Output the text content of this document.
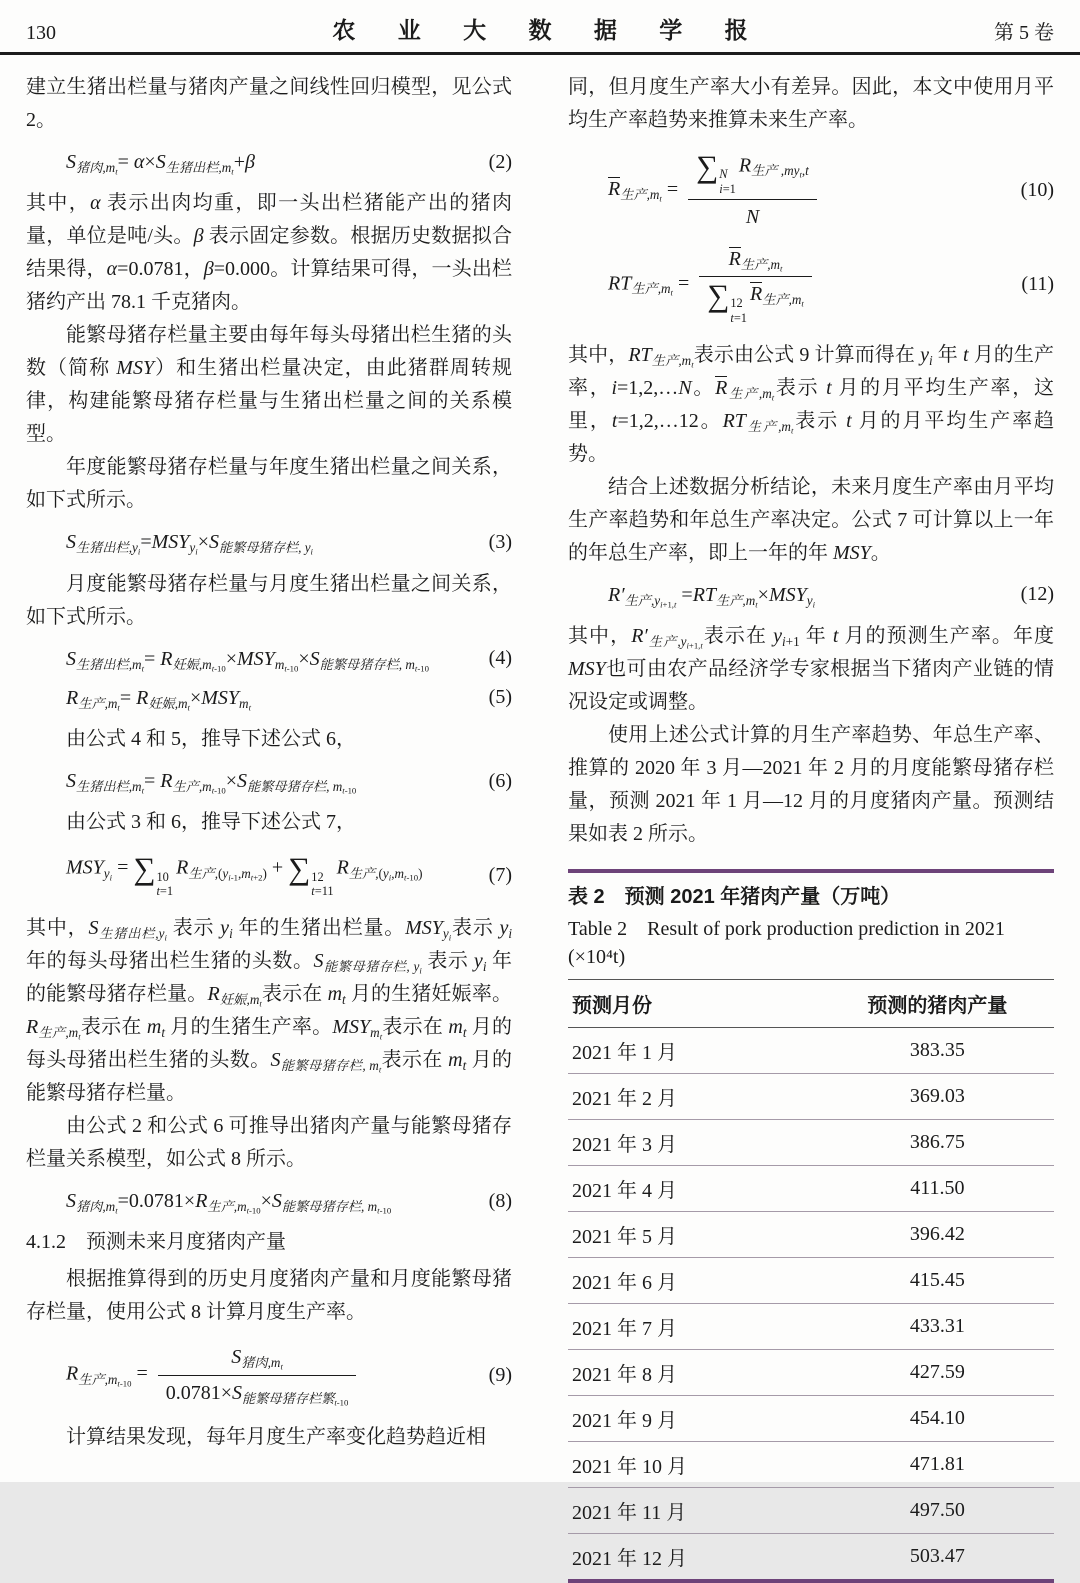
130	农 业 大 数 据 学 报	第 5 卷

建立生猪出栏量与猪肉产量之间线性回归模型，见公式 2。

$S_{猪肉,m_t}= \alpha\times S_{生猪出栏,m_t}+\beta$	(2)

其中，α 表示出肉均重，即一头出栏猪能产出的猪肉量，单位是吨/头。β 表示固定参数。根据历史数据拟合结果得，α=0.0781，β=0.000。计算结果可得，一头出栏猪约产出 78.1 千克猪肉。

能繁母猪存栏量主要由每年每头母猪出栏生猪的头数（简称 MSY）和生猪出栏量决定，由此猪群周转规律，构建能繁母猪存栏量与生猪出栏量之间的关系模型。

年度能繁母猪存栏量与年度生猪出栏量之间关系，如下式所示。

$S_{生猪出栏,y_i}=MSY_{y_i}\times S_{能繁母猪存栏, y_i}$	(3)

月度能繁母猪存栏量与月度生猪出栏量之间关系，如下式所示。

$S_{生猪出栏,m_t}= R_{妊娠,m_{t-10}}\times MSY_{m_{t-10}}\times S_{能繁母猪存栏, m_{t-10}}$	(4)
$R_{生产,m_t}= R_{妊娠,m_t}\times MSY_{m_t}$	(5)

由公式 4 和 5，推导下述公式 6，

$S_{生猪出栏,m_t}= R_{生产,m_{t-10}}\times S_{能繁母猪存栏, m_{t-10}}$	(6)

由公式 3 和 6，推导下述公式 7，

$MSY_{y_i}$ = ∑ 10
t=1
$R_{生产,(y_{i-1},m_{t+2})}$ + ∑ 12
t=11
$R_{生产,(y_i,m_{t-10})}$	(7)

其中，$S_{生猪出栏,y_i}$ 表示 $y_i$ 年的生猪出栏量。$MSY_{y_i}$表示 $y_i$ 年的每头母猪出栏生猪的头数。$S_{能繁母猪存栏, y_i}$ 表示 $y_i$ 年的能繁母猪存栏量。$R_{妊娠,m_t}$表示在 $m_t$ 月的生猪妊娠率。$R_{生产,m_t}$表示在 $m_t$ 月的生猪生产率。$MSY_{m_t}$表示在 $m_t$ 月的每头母猪出栏生猪的头数。$S_{能繁母猪存栏, m_t}$表示在 $m_t$ 月的能繁母猪存栏量。

由公式 2 和公式 6 可推导出猪肉产量与能繁母猪存栏量关系模型，如公式 8 所示。

$S_{猪肉,m_t}=0.0781\times R_{生产,m_{t-10}}\times S_{能繁母猪存栏, m_{t-10}}$	(8)

4.1.2　预测未来月度猪肉产量

根据推算得到的历史月度猪肉产量和月度能繁母猪存栏量，使用公式 8 计算月度生产率。

$R_{生产,m_{t-10}}$ =
$S_{猪肉,m_t}$
$0.0781\times S_{能繁母猪存栏繁_{t-10}}$
(9)

计算结果发现，每年月度生产率变化趋势趋近相

同，但月度生产率大小有差异。因此，本文中使用月平均生产率趋势来推算未来生产率。

$R_{生产,m_t}$ =
∑ N
i=1
$R_{生产 ,my_t,t}$
N
(10)
$RT_{生产,m_t}$ =
$R_{生产,m_t}$
∑ 12
t=1
$R_{生产,m_t}$
(11)

其中，$RT_{生产,m_t}$表示由公式 9 计算而得在 $y_i$ 年 t 月的生产率，i=1,2,…N。$R_{生产,m_t}$表示 t 月的月平均生产率，这里，t=1,2,…12。$RT_{生产,m_t}$表示 t 月的月平均生产率趋势。

结合上述数据分析结论，未来月度生产率由月平均生产率趋势和年总生产率决定。公式 7 可计算以上一年的年总生产率，即上一年的年 MSY。

$R'_{生产,y_{i+1,t}} =RT_{生产,m_t}\times MSY_{y_i}$	(12)

其中，$R'_{生产,y_{i+1,t}}$表示在 $y_{i+1}$ 年 t 月的预测生产率。年度 MSY也可由农产品经济学专家根据当下猪肉产业链的情况设定或调整。

使用上述公式计算的月生产率趋势、年总生产率、推算的 2020 年 3 月—2021 年 2 月的月度能繁母猪存栏量，预测 2021 年 1 月—12 月的月度猪肉产量。预测结果如表 2 所示。

表 2　预测 2021 年猪肉产量（万吨）

Table 2　Result of pork production prediction in 2021 (×10⁴t)

预测月份	预测的猪肉产量
2021 年 1 月	383.35
2021 年 2 月	369.03
2021 年 3 月	386.75
2021 年 4 月	411.50
2021 年 5 月	396.42
2021 年 6 月	415.45
2021 年 7 月	433.31
2021 年 8 月	427.59
2021 年 9 月	454.10
2021 年 10 月	471.81
2021 年 11 月	497.50
2021 年 12 月	503.47
